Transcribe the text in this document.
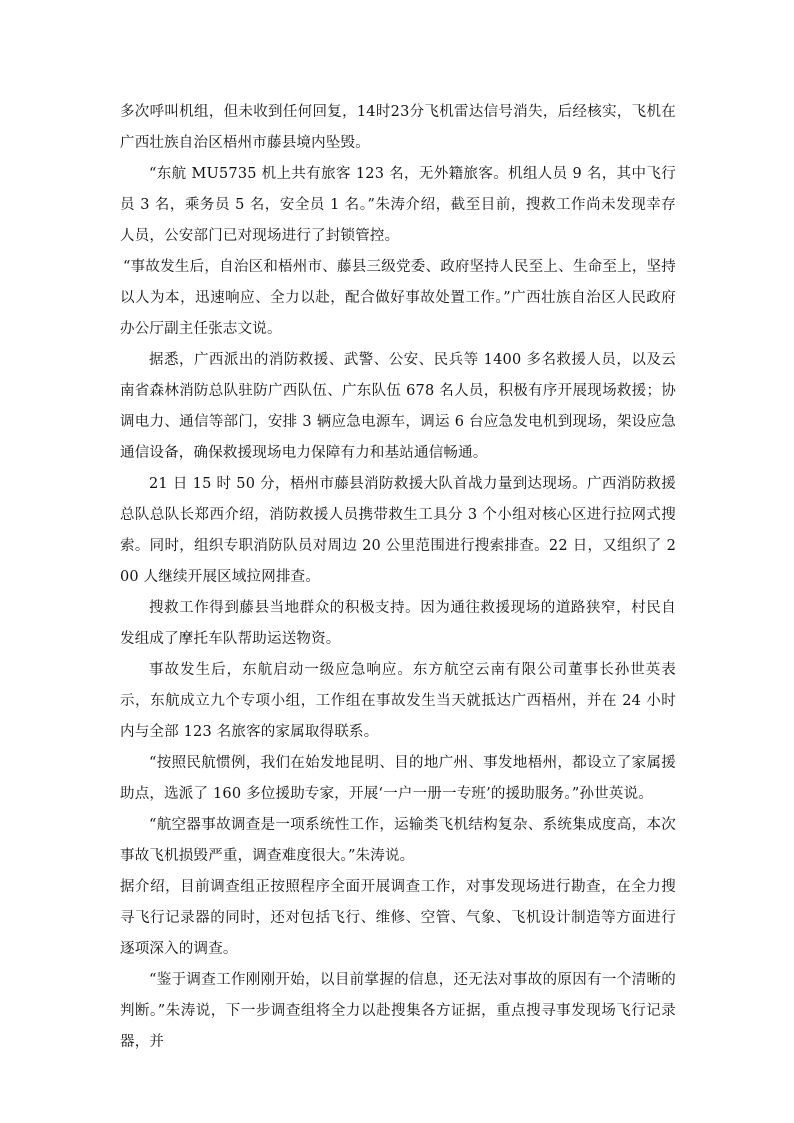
多次呼叫机组，但未收到任何回复，14时23分飞机雷达信号消失，后经核实，飞机在广西壮族自治区梧州市藤县境内坠毁。

“东航 MU5735 机上共有旅客 123 名，无外籍旅客。机组人员 9 名，其中飞行员 3 名，乘务员 5 名，安全员 1 名。”朱涛介绍，截至目前，搜救工作尚未发现幸存人员，公安部门已对现场进行了封锁管控。

“事故发生后，自治区和梧州市、藤县三级党委、政府坚持人民至上、生命至上，坚持以人为本，迅速响应、全力以赴，配合做好事故处置工作。”广西壮族自治区人民政府办公厅副主任张志文说。

据悉，广西派出的消防救援、武警、公安、民兵等 1400 多名救援人员，以及云南省森林消防总队驻防广西队伍、广东队伍 678 名人员，积极有序开展现场救援；协调电力、通信等部门，安排 3 辆应急电源车，调运 6 台应急发电机到现场，架设应急通信设备，确保救援现场电力保障有力和基站通信畅通。

21 日 15 时 50 分，梧州市藤县消防救援大队首战力量到达现场。广西消防救援总队总队长郑西介绍，消防救援人员携带救生工具分 3 个小组对核心区进行拉网式搜索。同时，组织专职消防队员对周边 20 公里范围进行搜索排查。22 日，又组织了 200 人继续开展区域拉网排查。

搜救工作得到藤县当地群众的积极支持。因为通往救援现场的道路狭窄，村民自发组成了摩托车队帮助运送物资。

事故发生后，东航启动一级应急响应。东方航空云南有限公司董事长孙世英表示，东航成立九个专项小组，工作组在事故发生当天就抵达广西梧州，并在 24 小时内与全部 123 名旅客的家属取得联系。

“按照民航惯例，我们在始发地昆明、目的地广州、事发地梧州，都设立了家属援助点，选派了 160 多位援助专家，开展‘一户一册一专班’的援助服务。”孙世英说。

“航空器事故调查是一项系统性工作，运输类飞机结构复杂、系统集成度高，本次事故飞机损毁严重，调查难度很大。”朱涛说。

据介绍，目前调查组正按照程序全面开展调查工作，对事发现场进行勘查，在全力搜寻飞行记录器的同时，还对包括飞行、维修、空管、气象、飞机设计制造等方面进行逐项深入的调查。

“鉴于调查工作刚刚开始，以目前掌握的信息，还无法对事故的原因有一个清晰的判断。”朱涛说，下一步调查组将全力以赴搜集各方证据，重点搜寻事发现场飞行记录器，并
